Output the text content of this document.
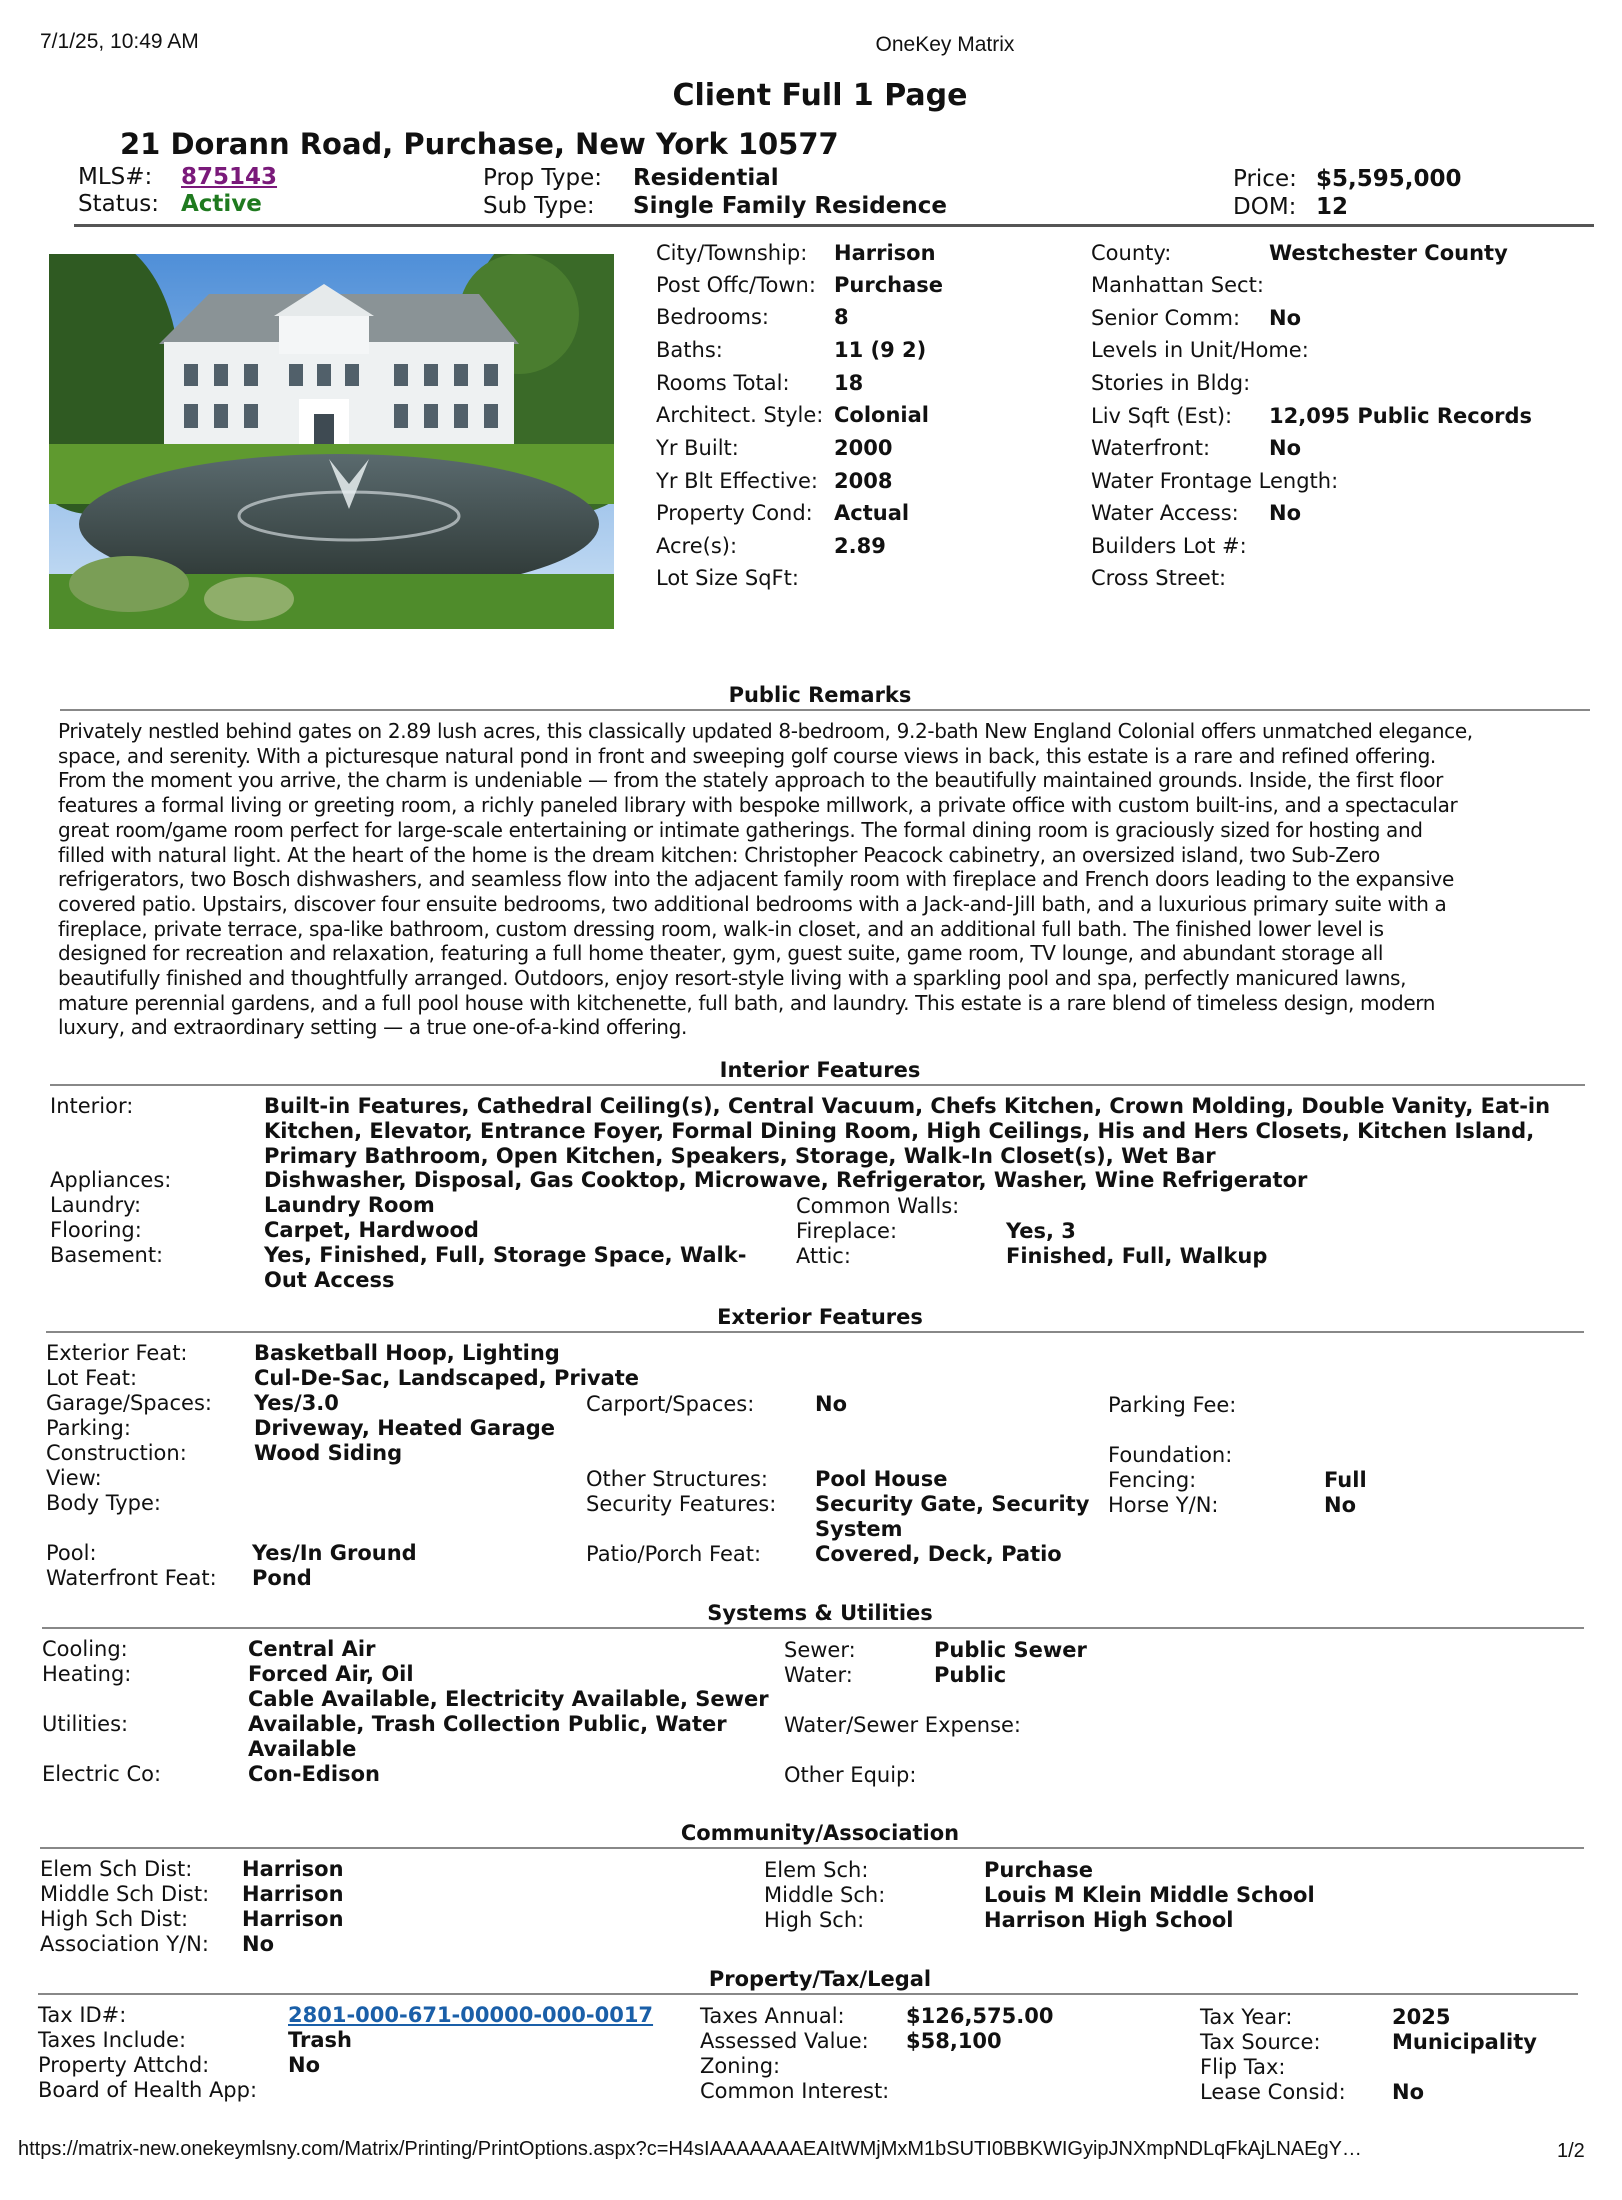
7/1/25, 10:49 AM	OneKey Matrix
Client Full 1 Page
21 Dorann Road, Purchase, New York 10577
MLS#: 875143
Status: Active
Prop Type: Residential
Sub Type: Single Family Residence
Price: $5,595,000
DOM: 12
City/Township: Harrison
Post Offc/Town: Purchase
Bedrooms:	8
Baths:	11 (9 2)
Rooms Total: 18
Architect. Style: Colonial
Yr Built:	2000
Yr Blt Effective: 2008
Property Cond: Actual
Acre(s):	2.89
Lot Size SqFt:
County:	Westchester County
Manhattan Sect:
Senior Comm: No
Levels in Unit/Home:
Stories in Bldg:
Liv Sqft (Est): 12,095 Public Records
Waterfront:	No
Water Frontage Length:
Water Access: No
Builders Lot #:
Cross Street:
Public Remarks
Privately nestled behind gates on 2.89 lush acres, this classically updated 8-bedroom, 9.2-bath New England Colonial offers unmatched elegance,
space, and serenity. With a picturesque natural pond in front and sweeping golf course views in back, this estate is a rare and refined offering.
From the moment you arrive, the charm is undeniable — from the stately approach to the beautifully maintained grounds. Inside, the first floor
features a formal living or greeting room, a richly paneled library with bespoke millwork, a private office with custom built-ins, and a spectacular
great room/game room perfect for large-scale entertaining or intimate gatherings. The formal dining room is graciously sized for hosting and
filled with natural light. At the heart of the home is the dream kitchen: Christopher Peacock cabinetry, an oversized island, two Sub-Zero
refrigerators, two Bosch dishwashers, and seamless flow into the adjacent family room with fireplace and French doors leading to the expansive
covered patio. Upstairs, discover four ensuite bedrooms, two additional bedrooms with a Jack-and-Jill bath, and a luxurious primary suite with a
fireplace, private terrace, spa-like bathroom, custom dressing room, walk-in closet, and an additional full bath. The finished lower level is
designed for recreation and relaxation, featuring a full home theater, gym, guest suite, game room, TV lounge, and abundant storage all
beautifully finished and thoughtfully arranged. Outdoors, enjoy resort-style living with a sparkling pool and spa, perfectly manicured lawns,
mature perennial gardens, and a full pool house with kitchenette, full bath, and laundry. This estate is a rare blend of timeless design, modern
luxury, and extraordinary setting — a true one-of-a-kind offering.
Interior Features
Interior:	Built-in Features, Cathedral Ceiling(s), Central Vacuum, Chefs Kitchen, Crown Molding, Double Vanity, Eat-in
Kitchen, Elevator, Entrance Foyer, Formal Dining Room, High Ceilings, His and Hers Closets, Kitchen Island,
Primary Bathroom, Open Kitchen, Speakers, Storage, Walk-In Closet(s), Wet Bar
Appliances:	Dishwasher, Disposal, Gas Cooktop, Microwave, Refrigerator, Washer, Wine Refrigerator
Laundry:	Laundry Room
Flooring:	Carpet, Hardwood
Basement:	Yes, Finished, Full, Storage Space, Walk-
Out Access
Common Walls:
Fireplace:	Yes, 3
Attic:	Finished, Full, Walkup
Exterior Features
Exterior Feat:	Basketball Hoop, Lighting
Lot Feat:	Cul-De-Sac, Landscaped, Private
Garage/Spaces: Yes/3.0
Parking:	Driveway, Heated Garage
Construction:	Wood Siding
View:
Body Type:
Pool:	Yes/In Ground
Waterfront Feat: Pond
Carport/Spaces:	No
Other Structures: Pool House
Security Features: Security Gate, Security
System
Patio/Porch Feat:	Covered, Deck, Patio
Parking Fee:
Foundation:
Fencing:	Full
Horse Y/N:	No
Systems & Utilities
Cooling:	Central Air
Heating:	Forced Air, Oil
Utilities:
Cable Available, Electricity Available, Sewer
Available, Trash Collection Public, Water
Available
Electric Co:	Con-Edison
Sewer:	Public Sewer
Water:	Public
Water/Sewer Expense:
Other Equip:
Community/Association
Elem Sch Dist: Harrison
Middle Sch Dist: Harrison
High Sch Dist:	Harrison
Association Y/N: No
Elem Sch:	Purchase
Middle Sch:	Louis M Klein Middle School
High Sch:	Harrison High School
Property/Tax/Legal
Tax ID#:	2801-000-671-00000-000-0017
Taxes Include:	Trash
Property Attchd:	No
Board of Health App:
Taxes Annual:	$126,575.00
Assessed Value: $58,100
Zoning:
Common Interest:
Tax Year:	2025
Tax Source:	Municipality
Flip Tax:
Lease Consid: No
https://matrix-new.onekeymlsny.com/Matrix/Printing/PrintOptions.aspx?c=H4sIAAAAAAAEAItWMjMxM1bSUTI0BBKWIGyipJNXmpNDLqFkAjLNAEgY…	1/2
